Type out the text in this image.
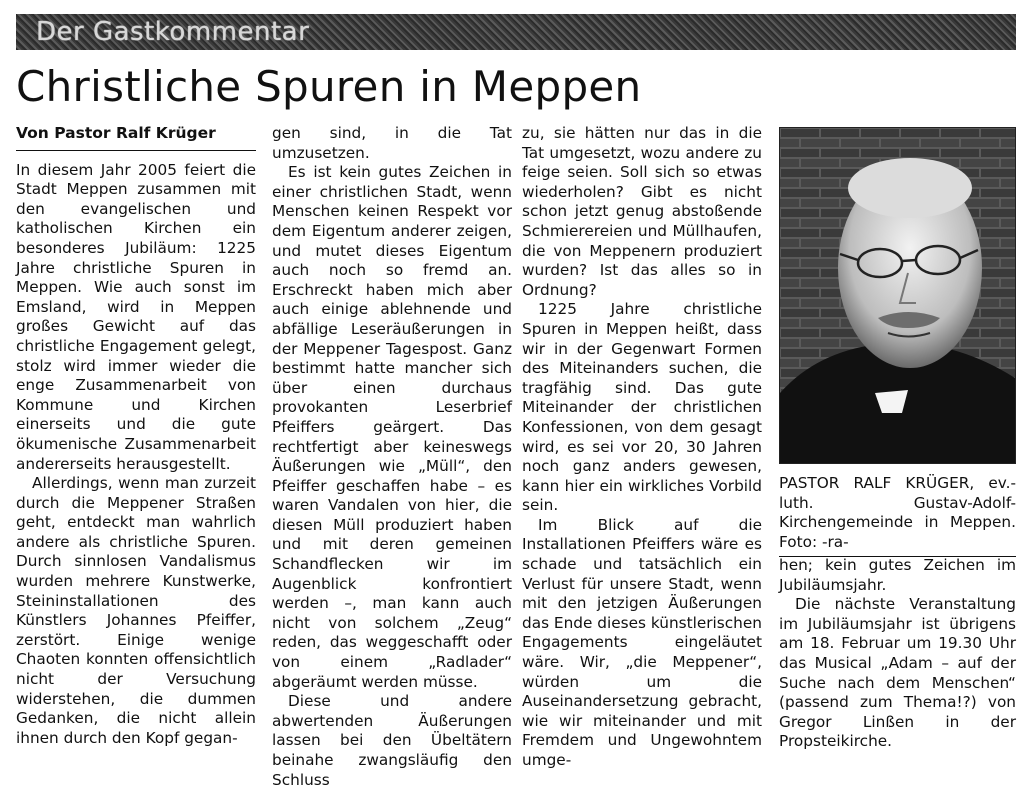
Der Gastkommentar
Christliche Spuren in Meppen
Von Pastor Ralf Krüger

In diesem Jahr 2005 feiert die Stadt Meppen zusammen mit den evangelischen und katholischen Kirchen ein besonderes Jubiläum: 1225 Jahre christliche Spuren in Meppen. Wie auch sonst im Emsland, wird in Meppen großes Gewicht auf das christliche Engagement gelegt, stolz wird immer wieder die enge Zusammenarbeit von Kommune und Kirchen einerseits und die gute ökumenische Zusammenarbeit andererseits herausgestellt.

Allerdings, wenn man zurzeit durch die Meppener Straßen geht, entdeckt man wahrlich andere als christliche Spuren. Durch sinnlosen Vandalismus wurden mehrere Kunstwerke, Steininstallationen des Künstlers Johannes Pfeiffer, zerstört. Einige wenige Chaoten konnten offensichtlich nicht der Versuchung widerstehen, die dummen Gedanken, die nicht allein ihnen durch den Kopf gegan-

gen sind, in die Tat umzusetzen.

Es ist kein gutes Zeichen in einer christlichen Stadt, wenn Menschen keinen Respekt vor dem Eigentum anderer zeigen, und mutet dieses Eigentum auch noch so fremd an. Erschreckt haben mich aber auch einige ablehnende und abfällige Leseräußerungen in der Meppener Tagespost. Ganz bestimmt hatte mancher sich über einen durchaus provokanten Leserbrief Pfeiffers geärgert. Das rechtfertigt aber keineswegs Äußerungen wie „Müll“, den Pfeiffer geschaffen habe – es waren Vandalen von hier, die diesen Müll produziert haben und mit deren gemeinen Schandflecken wir im Augenblick konfrontiert werden –, man kann auch nicht von solchem „Zeug“ reden, das weggeschafft oder von einem „Radlader“ abgeräumt werden müsse.

Diese und andere abwertenden Äußerungen lassen bei den Übeltätern beinahe zwangsläufig den Schluss

zu, sie hätten nur das in die Tat umgesetzt, wozu andere zu feige seien. Soll sich so etwas wiederholen? Gibt es nicht schon jetzt genug abstoßende Schmierereien und Müllhaufen, die von Meppenern produziert wurden? Ist das alles so in Ordnung?

1225 Jahre christliche Spuren in Meppen heißt, dass wir in der Gegenwart Formen des Miteinanders suchen, die tragfähig sind. Das gute Miteinander der christlichen Konfessionen, von dem gesagt wird, es sei vor 20, 30 Jahren noch ganz anders gewesen, kann hier ein wirkliches Vorbild sein.

Im Blick auf die Installationen Pfeiffers wäre es schade und tatsächlich ein Verlust für unsere Stadt, wenn mit den jetzigen Äußerungen das Ende dieses künstlerischen Engagements eingeläutet wäre. Wir, „die Meppener“, würden um die Auseinandersetzung gebracht, wie wir miteinander und mit Fremdem und Ungewohntem umge-

PASTOR RALF KRÜGER, ev.-luth. Gustav-Adolf-Kirchengemeinde in Meppen. Foto: -ra-

hen; kein gutes Zeichen im Jubiläumsjahr.

Die nächste Veranstaltung im Jubiläumsjahr ist übrigens am 18. Februar um 19.30 Uhr das Musical „Adam – auf der Suche nach dem Menschen“ (passend zum Thema!?) von Gregor Linßen in der Propsteikirche.
